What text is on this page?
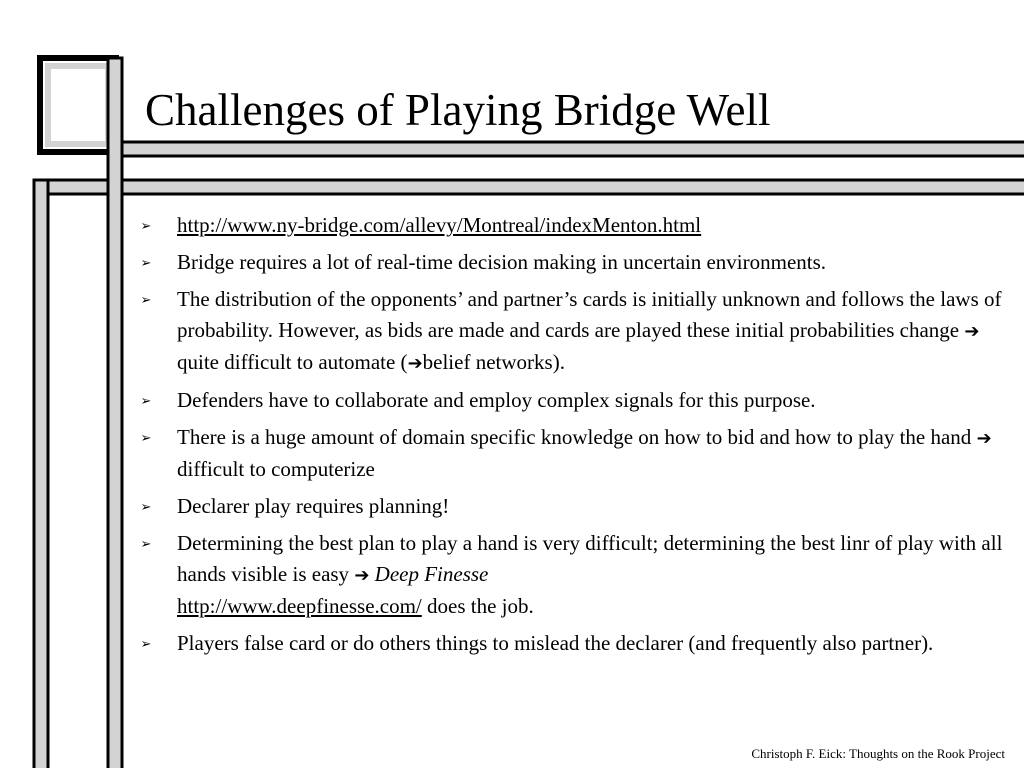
Challenges of Playing Bridge Well
➢ http://www.ny-bridge.com/allevy/Montreal/indexMenton.html
➢ Bridge requires a lot of real-time decision making in uncertain environments.
➢ The distribution of the opponents’ and partner’s cards is initially unknown and follows the laws of probability. However, as bids are made and cards are played these initial probabilities change ➔ quite difficult to automate (➔belief networks).
➢ Defenders have to collaborate and employ complex signals for this purpose.
➢ There is a huge amount of domain specific knowledge on how to bid and how to play the hand ➔ difficult to computerize
➢ Declarer play requires planning!
➢ Determining the best plan to play a hand is very difficult; determining the best linr of play with all hands visible is easy ➔ Deep Finesse
http://www.deepfinesse.com/ does the job.
➢ Players false card or do others things to mislead the declarer (and frequently also partner).
Christoph F. Eick: Thoughts on the Rook Project
